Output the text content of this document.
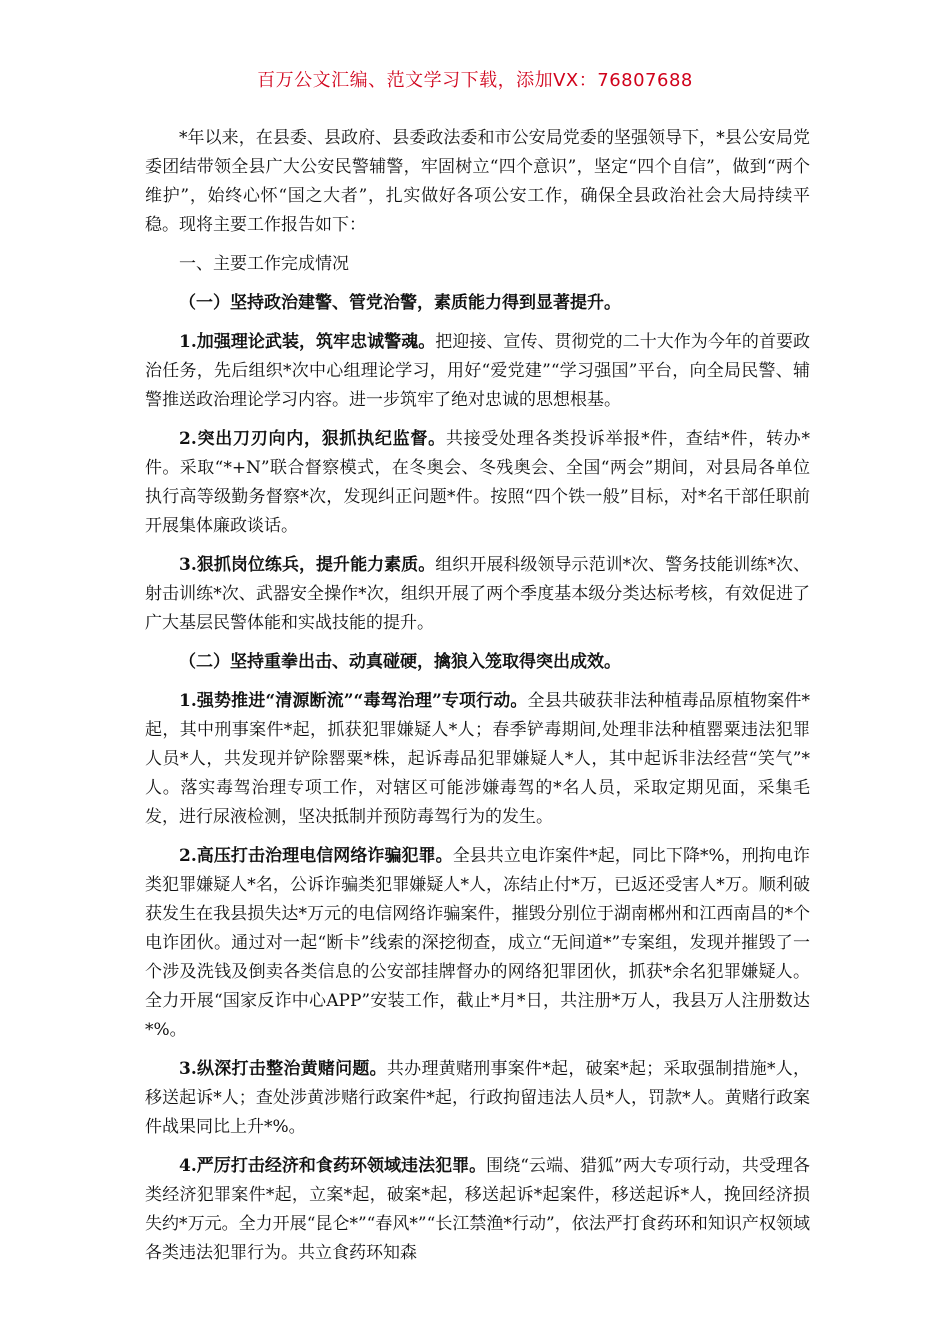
百万公文汇编、范文学习下载，添加VX：76807688

*年以来，在县委、县政府、县委政法委和市公安局党委的坚强领导下，*县公安局党委团结带领全县广大公安民警辅警，牢固树立“四个意识”，坚定“四个自信”，做到“两个维护”，始终心怀“国之大者”，扎实做好各项公安工作，确保全县政治社会大局持续平稳。现将主要工作报告如下：

一、主要工作完成情况

（一）坚持政治建警、管党治警，素质能力得到显著提升。

1.加强理论武装，筑牢忠诚警魂。把迎接、宣传、贯彻党的二十大作为今年的首要政治任务，先后组织*次中心组理论学习，用好“爱党建”“学习强国”平台，向全局民警、辅警推送政治理论学习内容。进一步筑牢了绝对忠诚的思想根基。

2.突出刀刃向内，狠抓执纪监督。共接受处理各类投诉举报*件，查结*件，转办*件。采取“*+N”联合督察模式，在冬奥会、冬残奥会、全国“两会”期间，对县局各单位执行高等级勤务督察*次，发现纠正问题*件。按照“四个铁一般”目标，对*名干部任职前开展集体廉政谈话。

3.狠抓岗位练兵，提升能力素质。组织开展科级领导示范训*次、警务技能训练*次、射击训练*次、武器安全操作*次，组织开展了两个季度基本级分类达标考核，有效促进了广大基层民警体能和实战技能的提升。

（二）坚持重拳出击、动真碰硬，擒狼入笼取得突出成效。

1.强势推进“清源断流”“毒驾治理”专项行动。全县共破获非法种植毒品原植物案件*起，其中刑事案件*起，抓获犯罪嫌疑人*人；春季铲毒期间,处理非法种植罂粟违法犯罪人员*人，共发现并铲除罂粟*株，起诉毒品犯罪嫌疑人*人，其中起诉非法经营“笑气”*人。落实毒驾治理专项工作，对辖区可能涉嫌毒驾的*名人员，采取定期见面，采集毛发，进行尿液检测，坚决抵制并预防毒驾行为的发生。

2.高压打击治理电信网络诈骗犯罪。全县共立电诈案件*起，同比下降*%，刑拘电诈类犯罪嫌疑人*名，公诉诈骗类犯罪嫌疑人*人，冻结止付*万，已返还受害人*万。顺利破获发生在我县损失达*万元的电信网络诈骗案件，摧毁分别位于湖南郴州和江西南昌的*个电诈团伙。通过对一起“断卡”线索的深挖彻查，成立“无间道*”专案组，发现并摧毁了一个涉及洗钱及倒卖各类信息的公安部挂牌督办的网络犯罪团伙，抓获*余名犯罪嫌疑人。全力开展“国家反诈中心APP”安装工作，截止*月*日，共注册*万人，我县万人注册数达*%。

3.纵深打击整治黄赌问题。共办理黄赌刑事案件*起，破案*起；采取强制措施*人，移送起诉*人；查处涉黄涉赌行政案件*起，行政拘留违法人员*人，罚款*人。黄赌行政案件战果同比上升*%。

4.严厉打击经济和食药环领域违法犯罪。围绕“云端、猎狐”两大专项行动，共受理各类经济犯罪案件*起，立案*起，破案*起，移送起诉*起案件，移送起诉*人，挽回经济损失约*万元。全力开展“昆仑*”“春风*”“长江禁渔*行动”，依法严打食药环和知识产权领域各类违法犯罪行为。共立食药环知森
